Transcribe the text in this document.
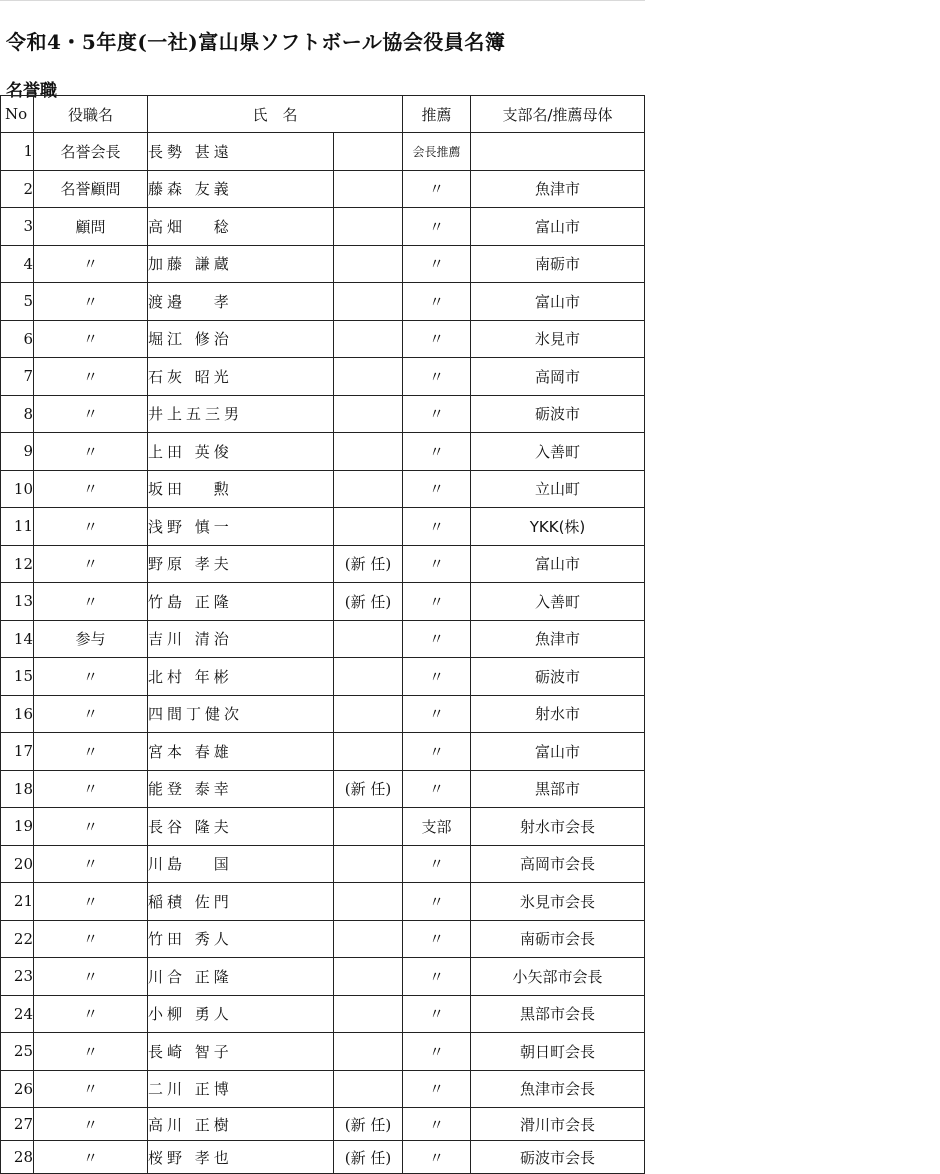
令和4・5年度(一社)富山県ソフトボール協会役員名簿
名誉職
No	役職名	氏　名		推薦	支部名/推薦母体
1	名誉会長	長勢 甚遠		会長推薦	
2	名誉顧問	藤森 友義		〃	魚津市
3	顧問	高畑　 稔		〃	富山市
4	〃	加藤 謙蔵		〃	南砺市
5	〃	渡邉　 孝		〃	富山市
6	〃	堀江 修治		〃	氷見市
7	〃	石灰 昭光		〃	高岡市
8	〃	井上五三男		〃	砺波市
9	〃	上田 英俊		〃	入善町
10	〃	坂田　 勲		〃	立山町
11	〃	浅野 慎一		〃	YKK(株)
12	〃	野原 孝夫	(新 任)	〃	富山市
13	〃	竹島 正隆	(新 任)	〃	入善町
14	参与	吉川 清治		〃	魚津市
15	〃	北村 年彬		〃	砺波市
16	〃	四間丁健次		〃	射水市
17	〃	宮本 春雄		〃	富山市
18	〃	能登 泰幸	(新 任)	〃	黒部市
19	〃	長谷 隆夫		支部	射水市会長
20	〃	川島　 国		〃	高岡市会長
21	〃	稲積 佐門		〃	氷見市会長
22	〃	竹田 秀人		〃	南砺市会長
23	〃	川合 正隆		〃	小矢部市会長
24	〃	小柳 勇人		〃	黒部市会長
25	〃	長崎 智子		〃	朝日町会長
26	〃	二川 正博		〃	魚津市会長
27	〃	高川 正樹	(新 任)	〃	滑川市会長
28	〃	桜野 孝也	(新 任)	〃	砺波市会長
